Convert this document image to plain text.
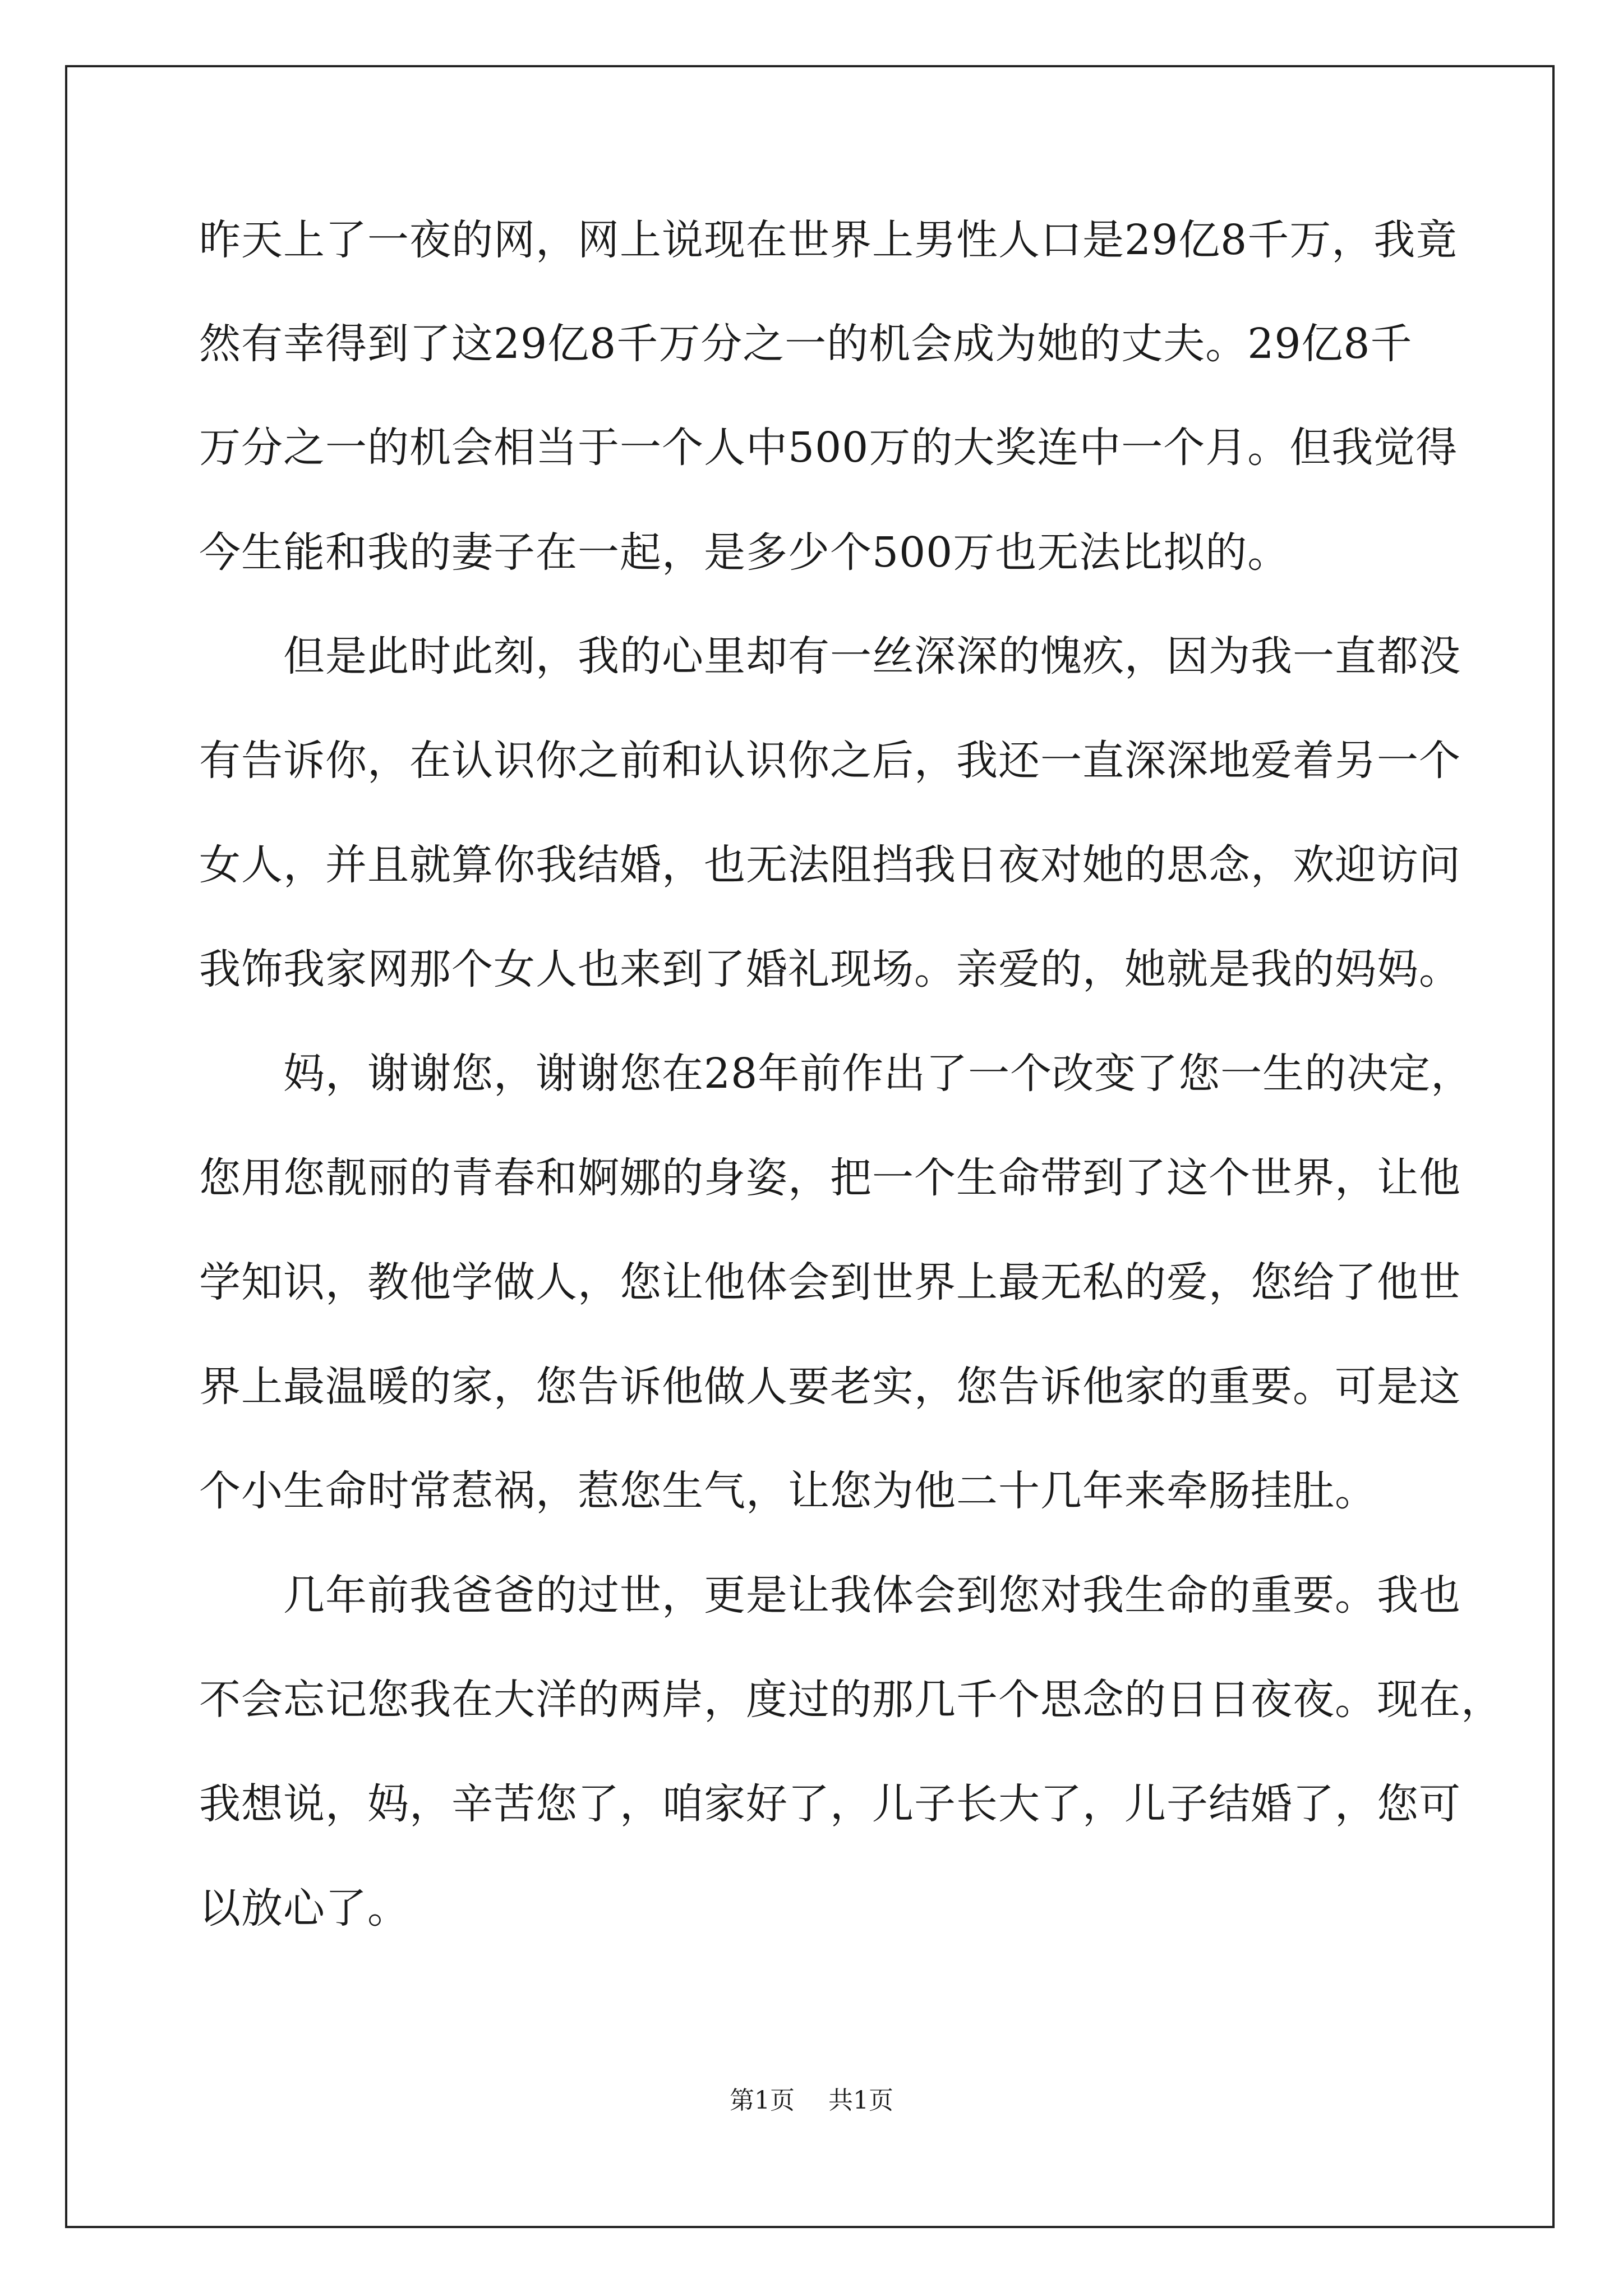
昨天上了一夜的网，网上说现在世界上男性人口是29亿8千万，我竟
然有幸得到了这29亿8千万分之一的机会成为她的丈夫。29亿8千
万分之一的机会相当于一个人中500万的大奖连中一个月。但我觉得
今生能和我的妻子在一起，是多少个500万也无法比拟的。
但是此时此刻，我的心里却有一丝深深的愧疚，因为我一直都没
有告诉你，在认识你之前和认识你之后，我还一直深深地爱着另一个
女人，并且就算你我结婚，也无法阻挡我日夜对她的思念，欢迎访问
我饰我家网那个女人也来到了婚礼现场。亲爱的，她就是我的妈妈。
妈，谢谢您，谢谢您在28年前作出了一个改变了您一生的决定，
您用您靓丽的青春和婀娜的身姿，把一个生命带到了这个世界，让他
学知识，教他学做人，您让他体会到世界上最无私的爱，您给了他世
界上最温暖的家，您告诉他做人要老实，您告诉他家的重要。可是这
个小生命时常惹祸，惹您生气，让您为他二十几年来牵肠挂肚。
几年前我爸爸的过世，更是让我体会到您对我生命的重要。我也
不会忘记您我在大洋的两岸，度过的那几千个思念的日日夜夜。现在，
我想说，妈，辛苦您了，咱家好了，儿子长大了，儿子结婚了，您可
以放心了。
第1页 共1页
